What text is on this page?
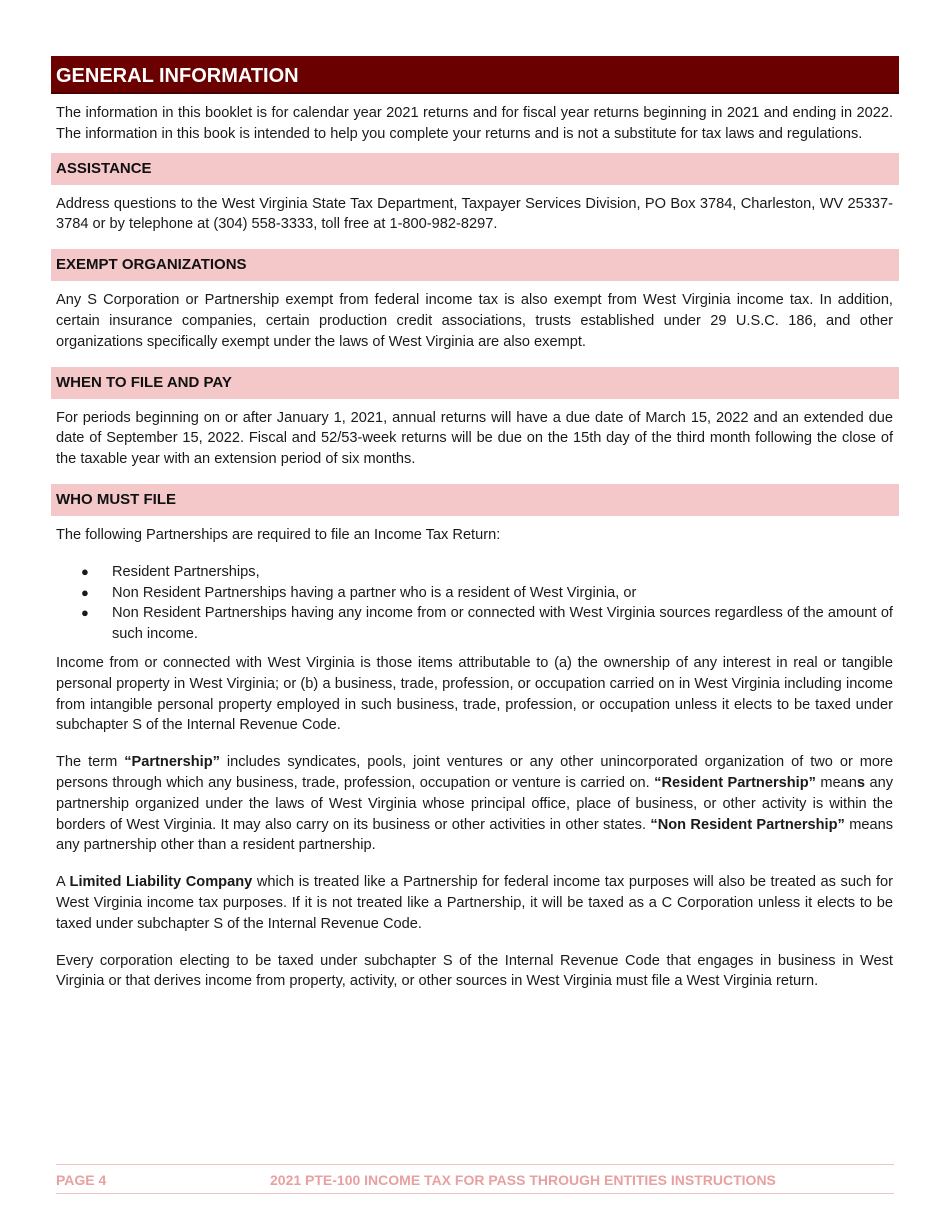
GENERAL INFORMATION

The information in this booklet is for calendar year 2021 returns and for fiscal year returns beginning in 2021 and ending in 2022. The information in this book is intended to help you complete your returns and is not a substitute for tax laws and regulations.

ASSISTANCE

Address questions to the West Virginia State Tax Department, Taxpayer Services Division, PO Box 3784, Charleston, WV 25337-3784 or by telephone at (304) 558-3333, toll free at 1-800-982-8297.

EXEMPT ORGANIZATIONS

Any S Corporation or Partnership exempt from federal income tax is also exempt from West Virginia income tax. In addition, certain insurance companies, certain production credit associations, trusts established under 29 U.S.C. 186, and other organizations specifically exempt under the laws of West Virginia are also exempt.

WHEN TO FILE AND PAY

For periods beginning on or after January 1, 2021, annual returns will have a due date of March 15, 2022 and an extended due date of September 15, 2022. Fiscal and 52/53-week returns will be due on the 15th day of the third month following the close of the taxable year with an extension period of six months.

WHO MUST FILE

The following Partnerships are required to file an Income Tax Return:

● Resident Partnerships,
● Non Resident Partnerships having a partner who is a resident of West Virginia, or
● Non Resident Partnerships having any income from or connected with West Virginia sources regardless of the amount of such income.

Income from or connected with West Virginia is those items attributable to (a) the ownership of any interest in real or tangible personal property in West Virginia; or (b) a business, trade, profession, or occupation carried on in West Virginia including income from intangible personal property employed in such business, trade, profession, or occupation unless it elects to be taxed under subchapter S of the Internal Revenue Code.

The term “Partnership” includes syndicates, pools, joint ventures or any other unincorporated organization of two or more persons through which any business, trade, profession, occupation or venture is carried on. “Resident Partnership” means any partnership organized under the laws of West Virginia whose principal office, place of business, or other activity is within the borders of West Virginia. It may also carry on its business or other activities in other states. “Non Resident Partnership” means any partnership other than a resident partnership.

A Limited Liability Company which is treated like a Partnership for federal income tax purposes will also be treated as such for West Virginia income tax purposes. If it is not treated like a Partnership, it will be taxed as a C Corporation unless it elects to be taxed under subchapter S of the Internal Revenue Code.

Every corporation electing to be taxed under subchapter S of the Internal Revenue Code that engages in business in West Virginia or that derives income from property, activity, or other sources in West Virginia must file a West Virginia return.

PAGE 4	2021 PTE-100 INCOME TAX FOR PASS THROUGH ENTITIES INSTRUCTIONS
